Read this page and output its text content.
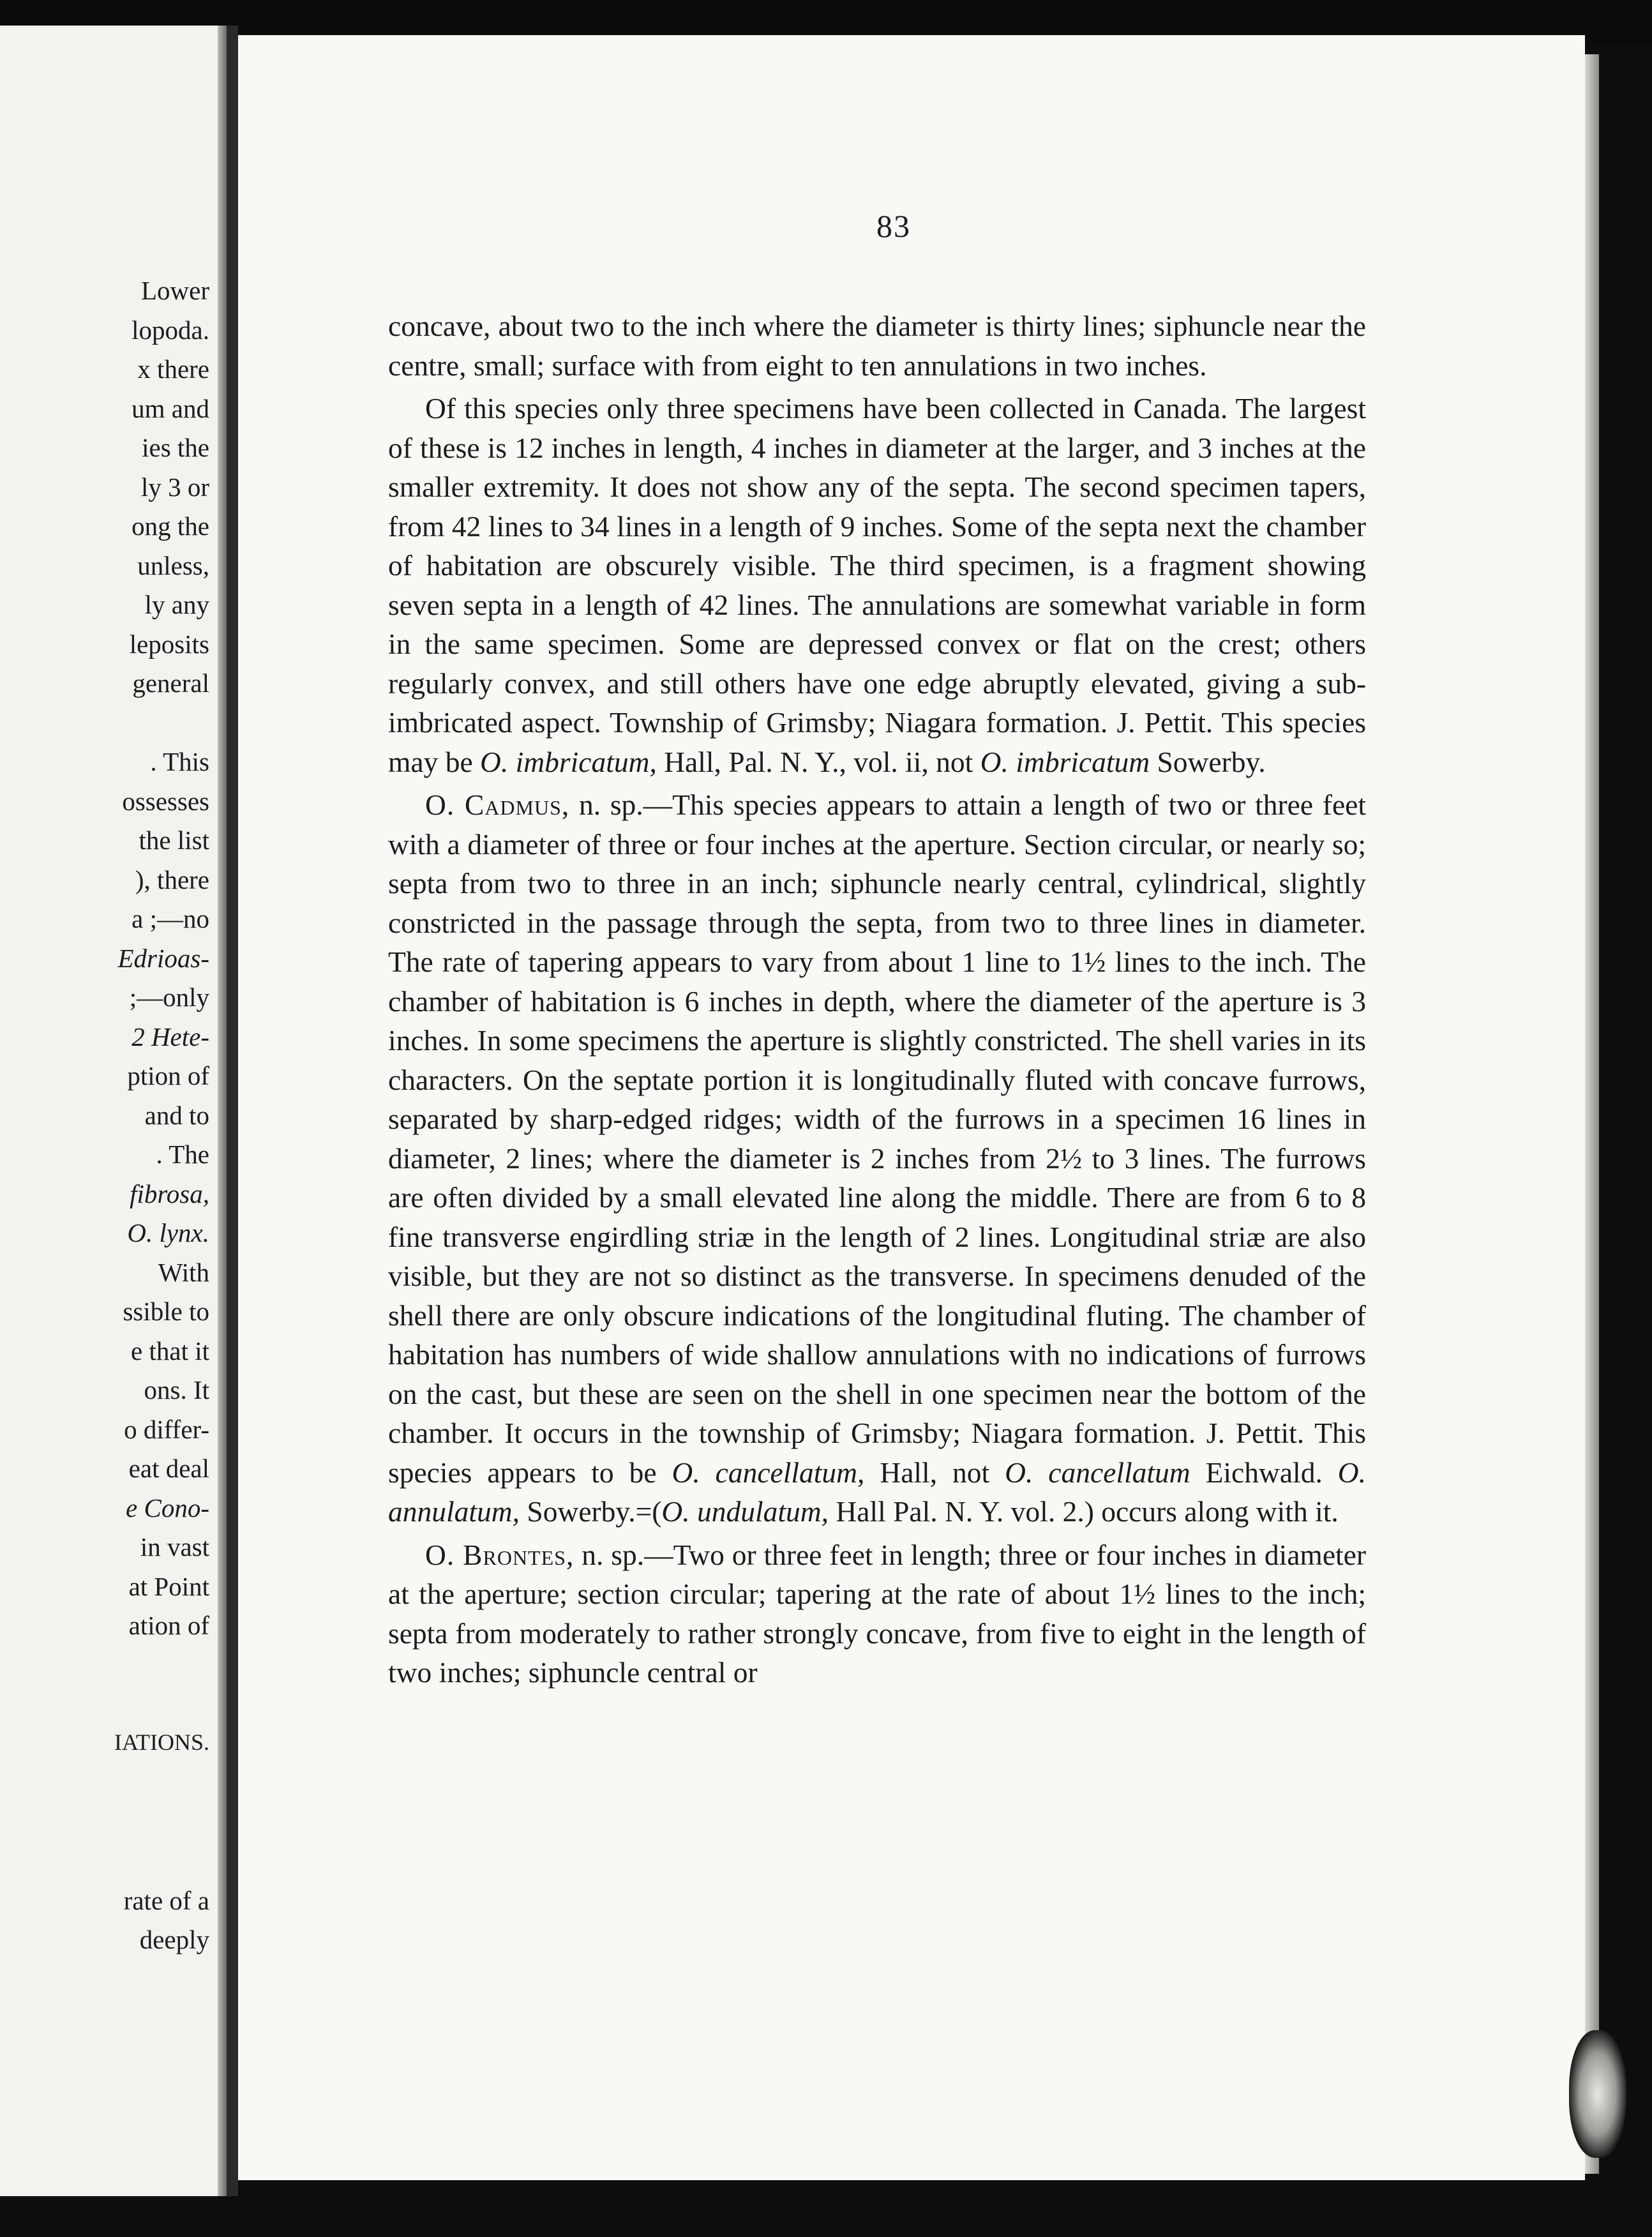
Lower
lopoda.
x there
um and
ies the
ly 3 or
ong the
unless,
ly any
leposits
general
. This
ossesses
the list
), there
a ;—no
Edrioas-
;—only
2 Hete-
ption of
and to
. The
fibrosa,
O. lynx.
With
ssible to
e that it
ons. It
o differ-
eat deal
e Cono-
in vast
at Point
ation of
IATIONS.
rate of a
deeply
83

concave, about two to the inch where the diameter is thirty lines; siphuncle near the centre, small; surface with from eight to ten annulations in two inches.

Of this species only three specimens have been collected in Canada. The largest of these is 12 inches in length, 4 inches in diameter at the larger, and 3 inches at the smaller extremity. It does not show any of the septa. The second specimen tapers, from 42 lines to 34 lines in a length of 9 inches. Some of the septa next the chamber of habitation are obscurely visible. The third specimen, is a fragment showing seven septa in a length of 42 lines. The annulations are somewhat variable in form in the same specimen. Some are depressed convex or flat on the crest; others regularly convex, and still others have one edge abruptly elevated, giving a sub-imbricated aspect. Township of Grimsby; Niagara formation. J. Pettit. This species may be O. imbricatum, Hall, Pal. N. Y., vol. ii, not O. imbricatum Sowerby.

O. Cadmus, n. sp.—This species appears to attain a length of two or three feet with a diameter of three or four inches at the aperture. Section circular, or nearly so; septa from two to three in an inch; siphuncle nearly central, cylindrical, slightly constricted in the passage through the septa, from two to three lines in diameter. The rate of tapering appears to vary from about 1 line to 1½ lines to the inch. The chamber of habitation is 6 inches in depth, where the diameter of the aperture is 3 inches. In some specimens the aperture is slightly constricted. The shell varies in its characters. On the septate portion it is longitudinally fluted with concave furrows, separated by sharp-edged ridges; width of the furrows in a specimen 16 lines in diameter, 2 lines; where the diameter is 2 inches from 2½ to 3 lines. The furrows are often divided by a small elevated line along the middle. There are from 6 to 8 fine transverse engirdling striæ in the length of 2 lines. Longitudinal striæ are also visible, but they are not so distinct as the transverse. In specimens denuded of the shell there are only obscure indications of the longitudinal fluting. The chamber of habitation has numbers of wide shallow annulations with no indications of furrows on the cast, but these are seen on the shell in one specimen near the bottom of the chamber. It occurs in the township of Grimsby; Niagara formation. J. Pettit. This species appears to be O. cancellatum, Hall, not O. cancellatum Eichwald. O. annulatum, Sowerby.=(O. undulatum, Hall Pal. N. Y. vol. 2.) occurs along with it.

O. Brontes, n. sp.—Two or three feet in length; three or four inches in diameter at the aperture; section circular; tapering at the rate of about 1½ lines to the inch; septa from moderately to rather strongly concave, from five to eight in the length of two inches; siphuncle central or
